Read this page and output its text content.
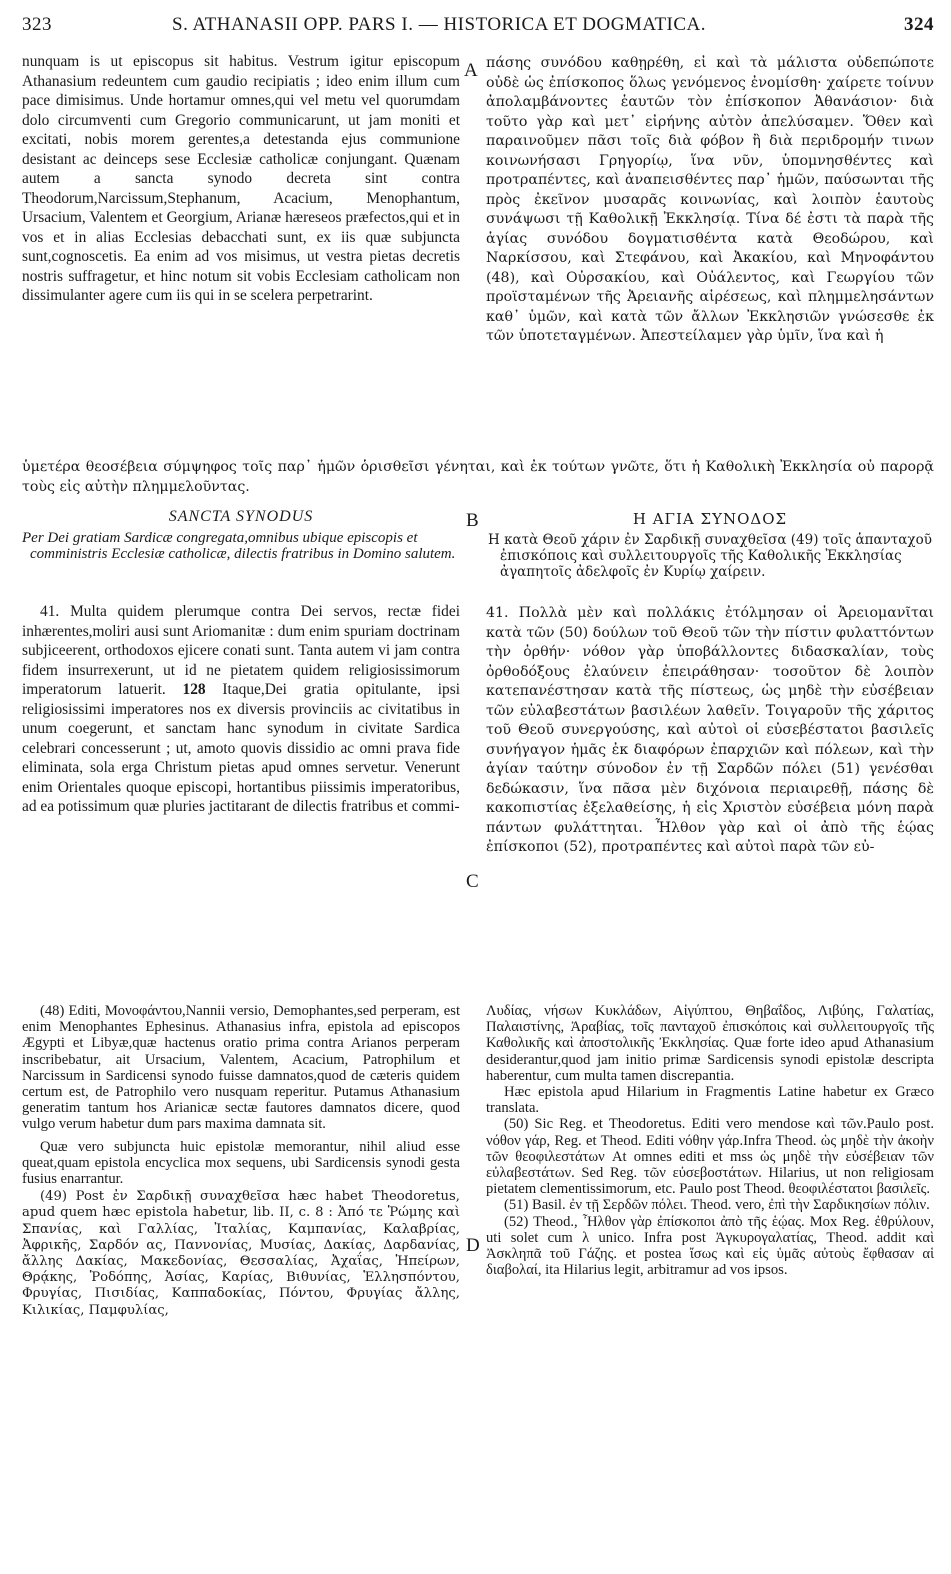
323	S. ATHANASII OPP. PARS I. — HISTORICA ET DOGMATICA.	324
A
B
C
D

nunquam is ut episcopus sit habitus. Vestrum igitur episcopum Athanasium redeuntem cum gaudio recipiatis ; ideo enim illum cum pace dimisimus. Unde hortamur omnes,qui vel metu vel quorumdam dolo circumventi cum Gregorio communicarunt, ut jam moniti et excitati, nobis morem gerentes,a detestanda ejus communione desistant ac deinceps sese Ecclesiæ catholicæ conjungant. Quænam autem a sancta synodo decreta sint contra Theodorum,Narcissum,Stephanum, Acacium, Menophantum, Ursacium, Valentem et Georgium, Arianæ hæreseos præfectos,qui et in vos et in alias Ecclesias debacchati sunt, ex iis quæ subjuncta sunt,cognoscetis. Ea enim ad vos misimus, ut vestra pietas decretis nostris suffragetur, et hinc notum sit vobis Ecclesiam catholicam non dissimulanter agere cum iis qui in se scelera perpetrarint.

πάσης συνόδου καθῃρέθη, εἰ καὶ τὰ μάλιστα οὐδεπώποτε οὐδὲ ὡς ἐπίσκοπος ὅλως γενόμενος ἐνομίσθη· χαίρετε τοίνυν ἀπολαμβάνοντες ἑαυτῶν τὸν ἐπίσκοπον Ἀθανάσιον· διὰ τοῦτο γὰρ καὶ μετ᾽ εἰρήνης αὐτὸν ἀπελύσαμεν. Ὅθεν καὶ παραινοῦμεν πᾶσι τοῖς διὰ φόβον ἢ διὰ περιδρομήν τινων κοινωνήσασι Γρηγορίῳ, ἵνα νῦν, ὑπομνησθέντες καὶ προτραπέντες, καὶ ἀναπεισθέντες παρ᾽ ἡμῶν, παύσωνται τῆς πρὸς ἐκεῖνον μυσαρᾶς κοινωνίας, καὶ λοιπὸν ἑαυτοὺς συνάψωσι τῇ Καθολικῇ Ἐκκλησίᾳ. Τίνα δέ ἐστι τὰ παρὰ τῆς ἁγίας συνόδου δογματισθέντα κατὰ Θεοδώρου, καὶ Ναρκίσσου, καὶ Στεφάνου, καὶ Ἀκακίου, καὶ Μηνοφάντου (48), καὶ Οὐρσακίου, καὶ Οὐάλεντος, καὶ Γεωργίου τῶν προϊσταμένων τῆς Ἀρειανῆς αἱρέσεως, καὶ πλημμελησάντων καθ᾽ ὑμῶν, καὶ κατὰ τῶν ἄλλων Ἐκκλησιῶν γνώσεσθε ἐκ τῶν ὑποτεταγμένων. Ἀπεστείλαμεν γὰρ ὑμῖν, ἵνα καὶ ἡ

ὑμετέρα θεοσέβεια σύμψηφος τοῖς παρ᾽ ἡμῶν ὁρισθεῖσι γένηται, καὶ ἐκ τούτων γνῶτε, ὅτι ἡ Καθολικὴ Ἐκκλησία οὐ παρορᾷ τοὺς εἰς αὐτὴν πλημμελοῦντας.

SANCTA SYNODUS

Per Dei gratiam Sardicæ congregata,omnibus ubique episcopis et comministris Ecclesiæ catholicæ, dilectis fratribus in Domino salutem.

Η ΑΓΙΑ ΣΥΝΟΔΟΣ

Η κατὰ Θεοῦ χάριν ἐν Σαρδικῇ συναχθεῖσα (49) τοῖς ἁπανταχοῦ ἐπισκόποις καὶ συλλειτουργοῖς τῆς Καθολικῆς Ἐκκλησίας ἀγαπητοῖς ἀδελφοῖς ἐν Κυρίῳ χαίρειν.

41. Multa quidem plerumque contra Dei servos, rectæ fidei inhærentes,moliri ausi sunt Ariomanitæ : dum enim spuriam doctrinam subjiceerent, orthodoxos ejicere conati sunt. Tanta autem vi jam contra fidem insurrexerunt, ut id ne pietatem quidem religiosissimorum imperatorum latuerit. 128 Itaque,Dei gratia opitulante, ipsi religiosissimi imperatores nos ex diversis provinciis ac civitatibus in unum coegerunt, et sanctam hanc synodum in civitate Sardica celebrari concesserunt ; ut, amoto quovis dissidio ac omni prava fide eliminata, sola erga Christum pietas apud omnes servetur. Venerunt enim Orientales quoque episcopi, hortantibus piissimis imperatoribus, ad ea potissimum quæ pluries jactitarant de dilectis fratribus et commi-

41. Πολλὰ μὲν καὶ πολλάκις ἐτόλμησαν οἱ Ἀρειομανῖται κατὰ τῶν (50) δούλων τοῦ Θεοῦ τῶν τὴν πίστιν φυλαττόντων τὴν ὀρθήν· νόθον γὰρ ὑποβάλλοντες διδασκαλίαν, τοὺς ὀρθοδόξους ἐλαύνειν ἐπειράθησαν· τοσοῦτον δὲ λοιπὸν κατεπανέστησαν κατὰ τῆς πίστεως, ὡς μηδὲ τὴν εὐσέβειαν τῶν εὐλαβεστάτων βασιλέων λαθεῖν. Τοιγαροῦν τῆς χάριτος τοῦ Θεοῦ συνεργούσης, καὶ αὐτοὶ οἱ εὐσεβέστατοι βασιλεῖς συνήγαγον ἡμᾶς ἐκ διαφόρων ἐπαρχιῶν καὶ πόλεων, καὶ τὴν ἁγίαν ταύτην σύνοδον ἐν τῇ Σαρδῶν πόλει (51) γενέσθαι δεδώκασιν, ἵνα πᾶσα μὲν διχόνοια περιαιρεθῇ, πάσης δὲ κακοπιστίας ἐξελαθείσης, ἡ εἰς Χριστὸν εὐσέβεια μόνη παρὰ πάντων φυλάττηται. Ἦλθον γὰρ καὶ οἱ ἀπὸ τῆς ἑῴας ἐπίσκοποι (52), προτραπέντες καὶ αὐτοὶ παρὰ τῶν εὐ-

(48) Editi, Μονοφάντου,Nannii versio, Demophantes,sed perperam, est enim Menophantes Ephesinus. Athanasius infra, epistola ad episcopos Ægypti et Libyæ,quæ hactenus oratio prima contra Arianos perperam inscribebatur, ait Ursacium, Valentem, Acacium, Patrophilum et Narcissum in Sardicensi synodo fuisse damnatos,quod de cæteris quidem certum est, de Patrophilo vero nusquam reperitur. Putamus Athanasium generatim tantum hos Arianicæ sectæ fautores damnatos dicere, quod vulgo verum habetur dum pars maxima damnata sit.

Quæ vero subjuncta huic epistolæ memorantur, nihil aliud esse queat,quam epistola encyclica mox sequens, ubi Sardicensis synodi gesta fusius enarrantur.

(49) Post ἐν Σαρδικῇ συναχθεῖσα hæc habet Theodoretus, apud quem hæc epistola habetur, lib. II, c. 8 : Ἀπό τε Ῥώμης καὶ Σπανίας, καὶ Γαλλίας, Ἰταλίας, Καμπανίας, Καλαβρίας, Ἀφρικῆς, Σαρδόν ας, Παννονίας, Μυσίας, Δακίας, Δαρδανίας, ἄλλης Δακίας, Μακεδονίας, Θεσσαλίας, Ἀχαΐας, Ἠπείρων, Θρᾴκης, Ῥοδόπης, Ἀσίας, Καρίας, Βιθυνίας, Ἑλλησπόντου, Φρυγίας, Πισιδίας, Καππαδοκίας, Πόντου, Φρυγίας ἄλλης, Κιλικίας, Παμφυλίας,

Λυδίας, νήσων Κυκλάδων, Αἰγύπτου, Θηβαΐδος, Λιβύης, Γαλατίας, Παλαιστίνης, Ἀραβίας, τοῖς πανταχοῦ ἐπισκόποις καὶ συλλειτουργοῖς τῆς Καθολικῆς καὶ ἀποστολικῆς Ἐκκλησίας. Quæ forte ideo apud Athanasium desiderantur,quod jam initio primæ Sardicensis synodi epistolæ descripta haberentur, cum multa tamen discrepantia.

Hæc epistola apud Hilarium in Fragmentis Latine habetur ex Græco translata.

(50) Sic Reg. et Theodoretus. Editi vero mendose καὶ τῶν.Paulo post. νόθον γάρ, Reg. et Theod. Editi νόθην γάρ.Infra Theod. ὡς μηδὲ τὴν ἀκοὴν τῶν θεοφιλεστάτων At omnes editi et mss ὡς μηδὲ τὴν εὐσέβειαν τῶν εὐλαβεστάτων. Sed Reg. τῶν εὐσεβοστάτων. Hilarius, ut non religiosam pietatem clementissimorum, etc. Paulo post Theod. θεοφιλέστατοι βασιλεῖς.

(51) Basil. ἐν τῇ Σερδῶν πόλει. Theod. vero, ἐπὶ τὴν Σαρδικησίων πόλιν.

(52) Theod., Ἦλθον γὰρ ἐπίσκοποι ἀπὸ τῆς ἑῴας. Mox Reg. ἐθρύλουν, uti solet cum λ unico. Infra post Ἀγκυρογαλατίας, Theod. addit καὶ Ἀσκληπᾶ τοῦ Γάζης. et postea ἴσως καὶ εἰς ὑμᾶς αὐτοὺς ἔφθασαν αἱ διαβολαί, ita Hilarius legit, arbitramur ad vos ipsos.
